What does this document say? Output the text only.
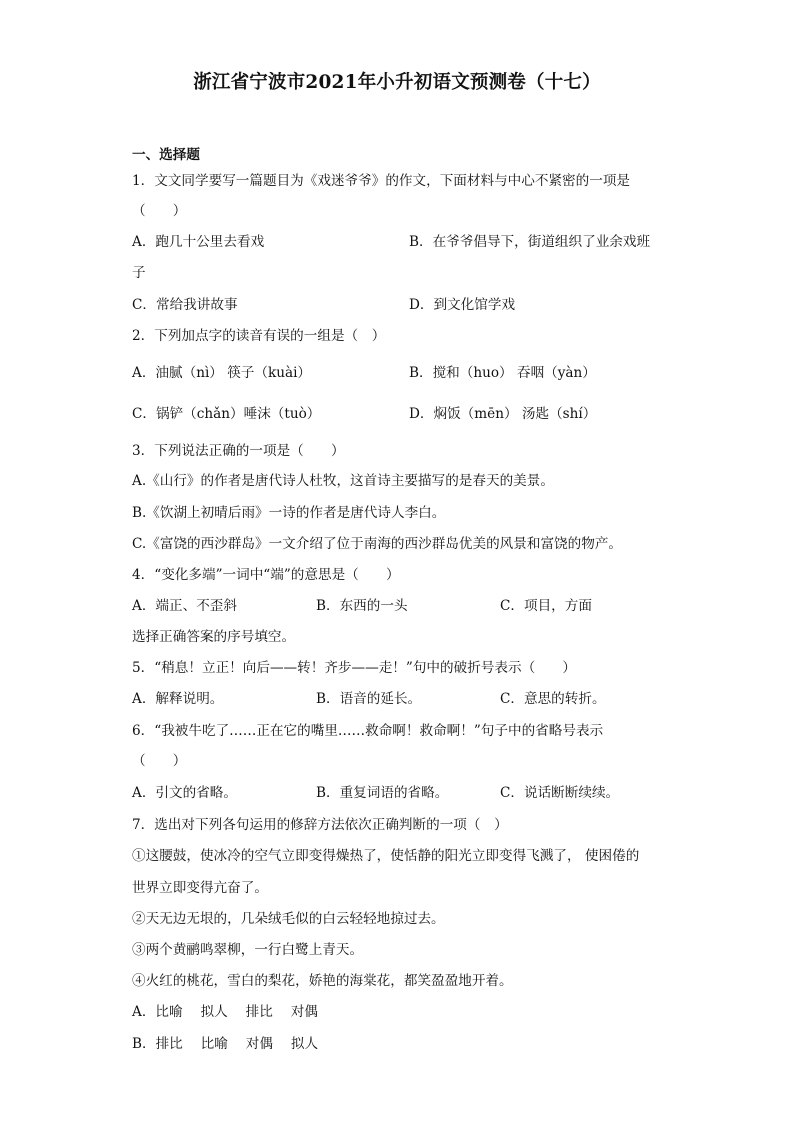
浙江省宁波市2021年小升初语文预测卷（十七）
一、选择题
1．文文同学要写一篇题目为《戏迷爷爷》的作文，下面材料与中心不紧密的一项是
（　　）
A．跑几十公里去看戏	B．在爷爷倡导下，街道组织了业余戏班
子
C．常给我讲故事	D．到文化馆学戏
2．下列加点字的读音有误的一组是（　）
A．油腻（nì） 筷子（kuài）	B．搅和（huo） 吞咽（yàn）
C．锅铲（chǎn）唾沫（tuò）	D．焖饭（mēn） 汤匙（shí）
3．下列说法正确的一项是（　　）
A.《山行》的作者是唐代诗人杜牧，这首诗主要描写的是春天的美景。
B.《饮湖上初晴后雨》一诗的作者是唐代诗人李白。
C.《富饶的西沙群岛》一文介绍了位于南海的西沙群岛优美的风景和富饶的物产。
4．“变化多端”一词中“端”的意思是（　　）
A．端正、不歪斜	B．东西的一头	C．项目，方面
选择正确答案的序号填空。
5．“稍息！立正！向后——转！齐步——走！”句中的破折号表示（　　）
A．解释说明。	B．语音的延长。	C．意思的转折。
6．“我被牛吃了……正在它的嘴里……救命啊！救命啊！”句子中的省略号表示
（　　）
A．引文的省略。	B．重复词语的省略。	C．说话断断续续。
7．选出对下列各句运用的修辞方法依次正确判断的一项（　）
①这腰鼓，使冰冷的空气立即变得燥热了，使恬静的阳光立即变得飞溅了， 使困倦的
世界立即变得亢奋了。
②天无边无垠的，几朵绒毛似的白云轻轻地掠过去。
③两个黄鹂鸣翠柳，一行白鹭上青天。
④火红的桃花，雪白的梨花，娇艳的海棠花，都笑盈盈地开着。
A．比喻　 拟人　 排比　 对偶
B．排比　 比喻　 对偶　 拟人
